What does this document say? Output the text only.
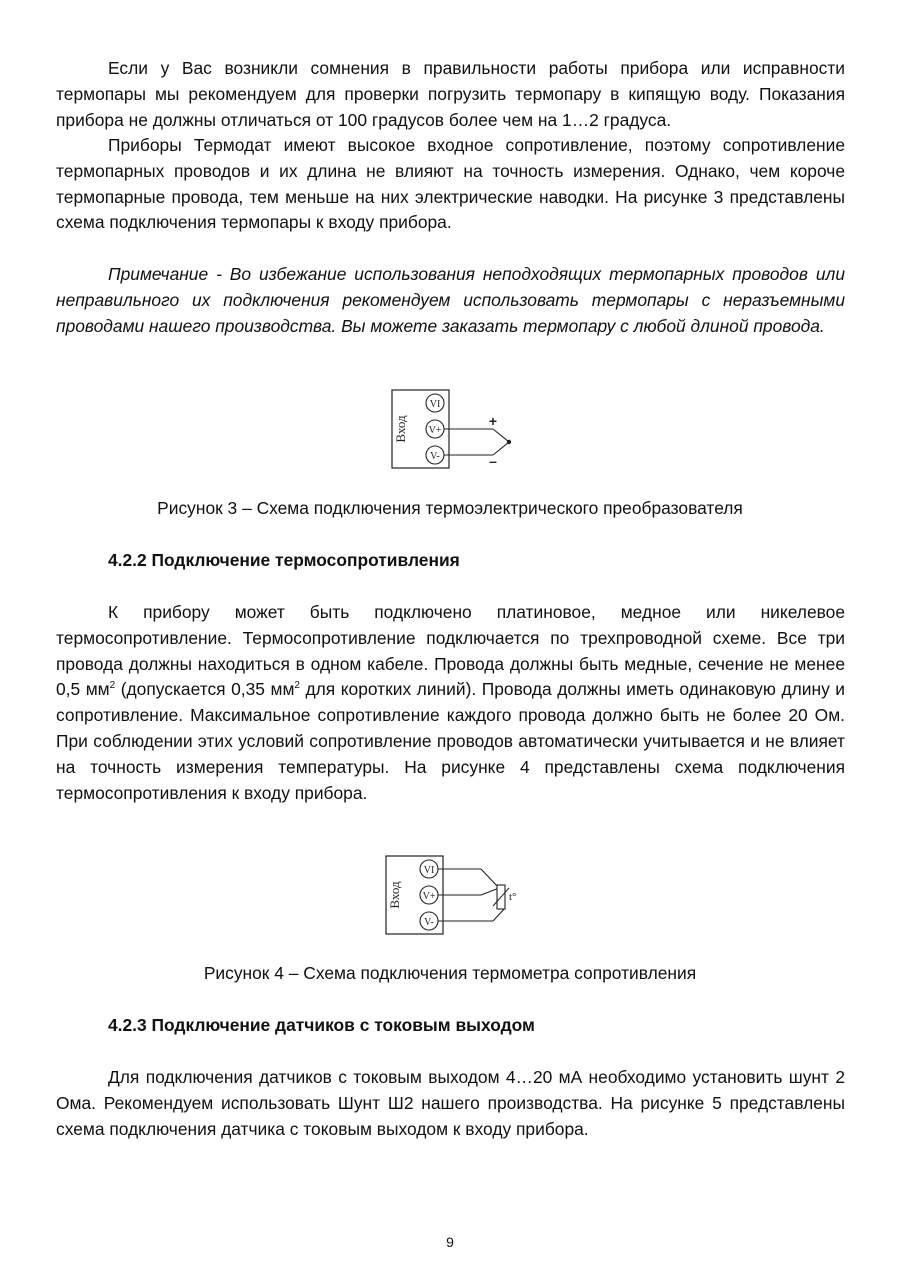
Если у Вас возникли сомнения в правильности работы прибора или исправности термопары мы рекомендуем для проверки погрузить термопару в кипящую воду. Показания прибора не должны отличаться от 100 градусов более чем на 1…2 градуса.

Приборы Термодат имеют высокое входное сопротивление, поэтому сопротивление термопарных проводов и их длина не влияют на точность измерения. Однако, чем короче термопарные провода, тем меньше на них электрические наводки. На рисунке 3 представлены схема подключения термопары к входу прибора.

Примечание - Во избежание использования неподходящих термопарных проводов или неправильного их подключения рекомендуем использовать термопары с неразъемными проводами нашего производства. Вы можете заказать термопару с любой длиной провода.

Вход
VI
V+
V-
+
–

Рисунок 3 – Схема подключения термоэлектрического преобразователя

4.2.2 Подключение термосопротивления

К прибору может быть подключено платиновое, медное или никелевое термосопротивление. Термосопротивление подключается по трехпроводной схеме. Все три провода должны находиться в одном кабеле. Провода должны быть медные, сечение не менее 0,5 $мм^2$ (допускается 0,35 $мм^2$ для коротких линий). Провода должны иметь одинаковую длину и сопротивление. Максимальное сопротивление каждого провода должно быть не более 20 Ом. При соблюдении этих условий сопротивление проводов автоматически учитывается и не влияет на точность измерения температуры. На рисунке 4 представлены схема подключения термосопротивления к входу прибора.

Вход
VI
V+
V-
t°

Рисунок 4 – Схема подключения термометра сопротивления

4.2.3 Подключение датчиков с токовым выходом

Для подключения датчиков с токовым выходом 4…20 мА необходимо установить шунт 2 Ома. Рекомендуем использовать Шунт Ш2 нашего производства. На рисунке 5 представлены схема подключения датчика с токовым выходом к входу прибора.

9
